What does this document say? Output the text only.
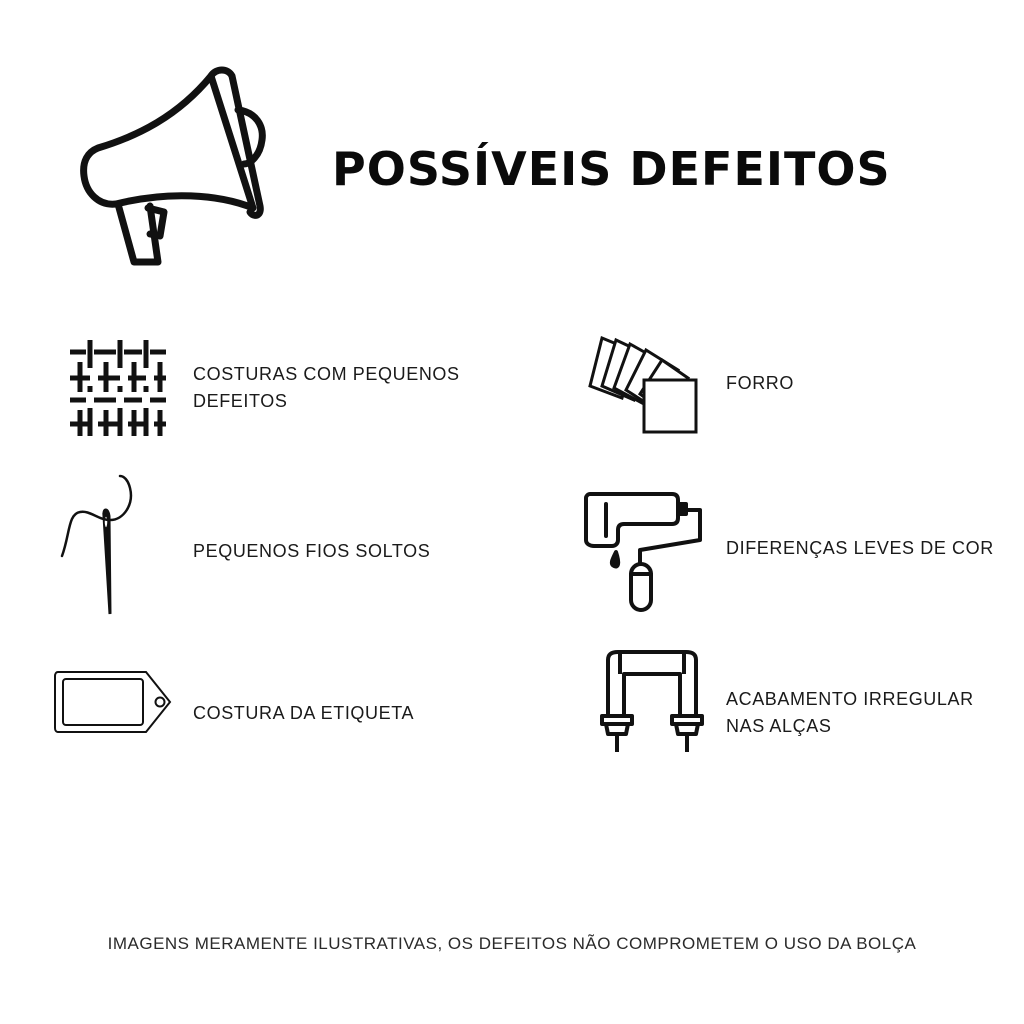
POSSÍVEIS DEFEITOS
COSTURAS COM PEQUENOS
DEFEITOS
PEQUENOS FIOS SOLTOS
COSTURA DA ETIQUETA
FORRO
DIFERENÇAS LEVES DE COR
ACABAMENTO IRREGULAR
NAS ALÇAS
IMAGENS MERAMENTE ILUSTRATIVAS, OS DEFEITOS NÃO COMPROMETEM O USO DA BOLÇA
